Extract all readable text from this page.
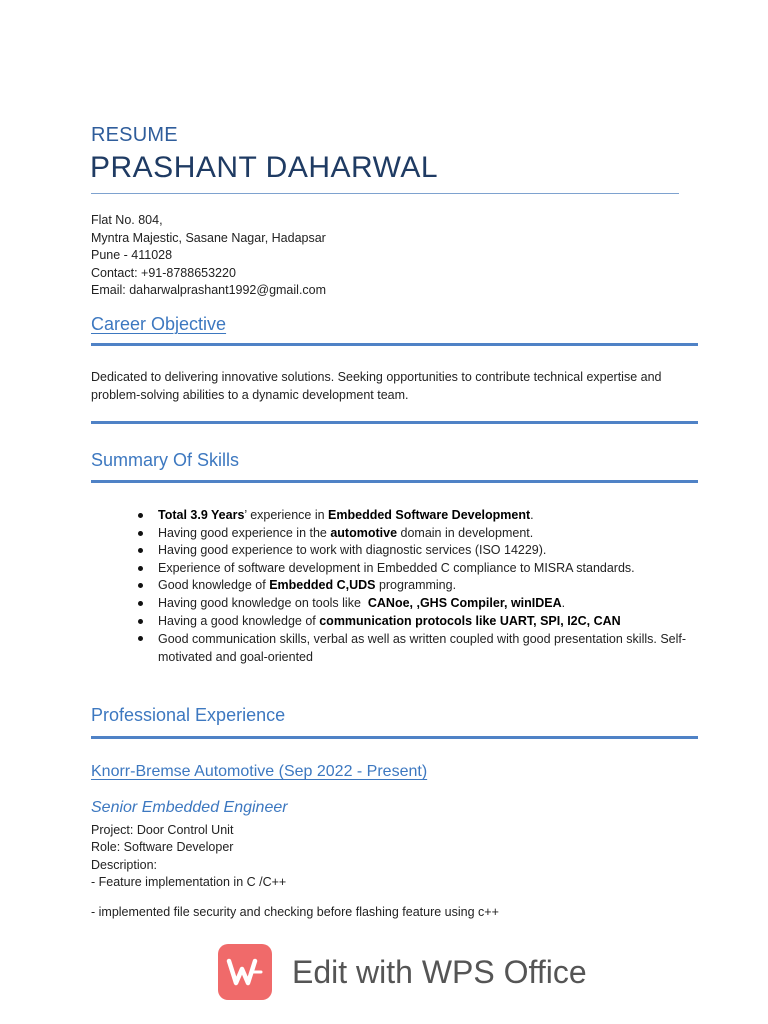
RESUME
PRASHANT DAHARWAL
Flat No. 804,
Myntra Majestic, Sasane Nagar, Hadapsar
Pune - 411028
Contact: +91-8788653220
Email: daharwalprashant1992@gmail.com
Career Objective
Dedicated to delivering innovative solutions. Seeking opportunities to contribute technical expertise and problem-solving abilities to a dynamic development team.
Summary Of Skills
Total 3.9 Years’ experience in Embedded Software Development.
Having good experience in the automotive domain in development.
Having good experience to work with diagnostic services (ISO 14229).
Experience of software development in Embedded C compliance to MISRA standards.
Good knowledge of Embedded C,UDS programming.
Having good knowledge on tools like  CANoe, ,GHS Compiler, winIDEA.
Having a good knowledge of communication protocols like UART, SPI, I2C, CAN
Good communication skills, verbal as well as written coupled with good presentation skills. Self-motivated and goal-oriented
Professional Experience
Knorr-Bremse Automotive (Sep 2022 - Present)
Senior Embedded Engineer
Project: Door Control Unit
Role: Software Developer
Description:
- Feature implementation in C /C++
- implemented file security and checking before flashing feature using c++
Edit with WPS Office
